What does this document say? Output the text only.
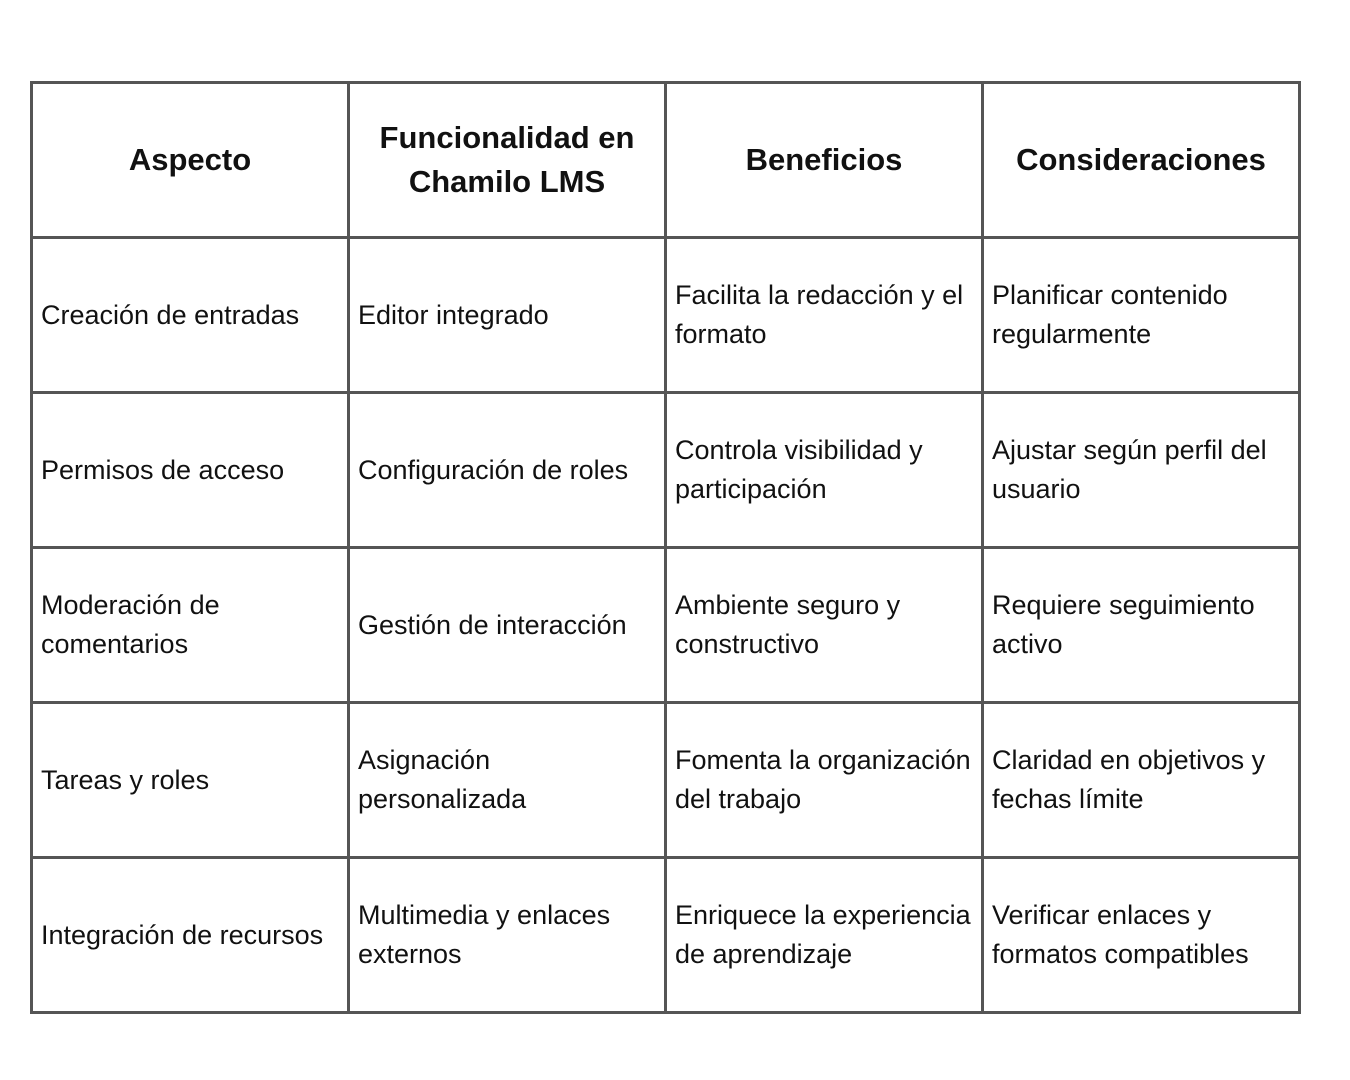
Aspecto	Funcionalidad en Chamilo LMS	Beneficios	Consideraciones
Creación de entradas	Editor integrado	Facilita la redacción y el formato	Planificar contenido regularmente
Permisos de acceso	Configuración de roles	Controla visibilidad y participación	Ajustar según perfil del usuario
Moderación de comentarios	Gestión de interacción	Ambiente seguro y constructivo	Requiere seguimiento activo
Tareas y roles	Asignación personalizada	Fomenta la organización del trabajo	Claridad en objetivos y fechas límite
Integración de recursos	Multimedia y enlaces externos	Enriquece la experiencia de aprendizaje	Verificar enlaces y formatos compatibles
